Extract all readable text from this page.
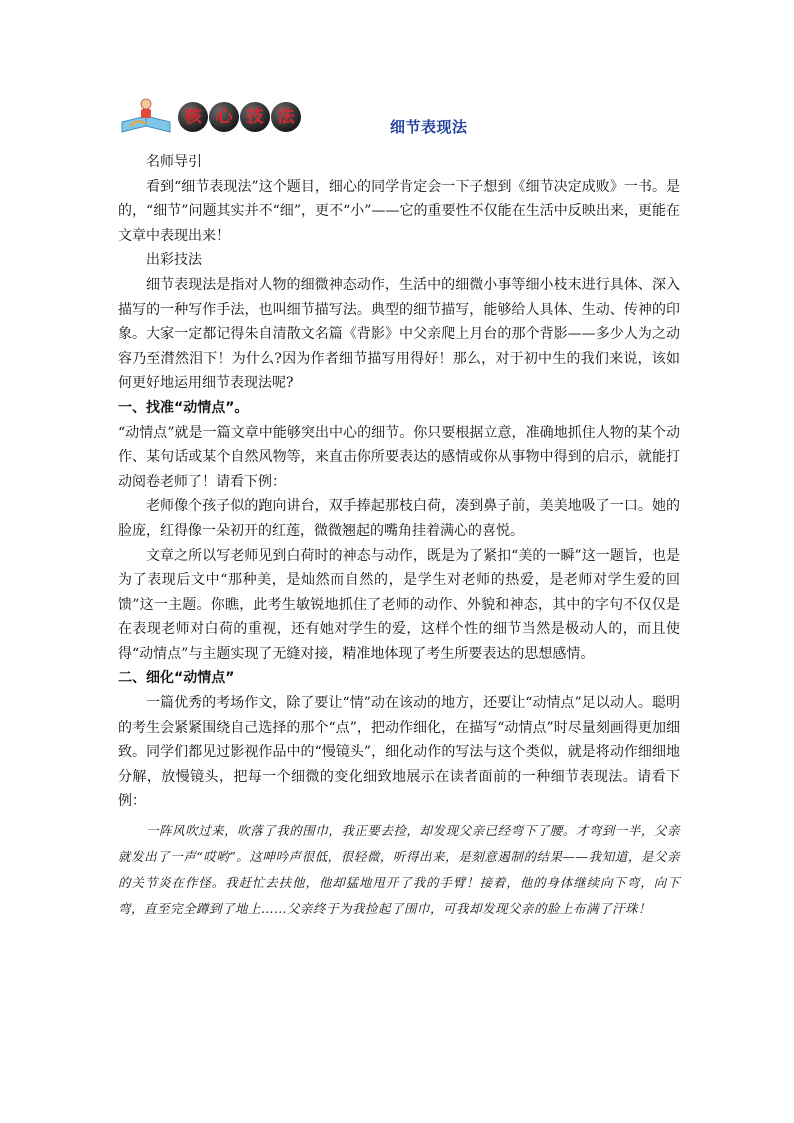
核 心 技 法	细节表现法

名师导引

看到“细节表现法”这个题目，细心的同学肯定会一下子想到《细节决定成败》一书。是的，“细节”问题其实并不“细”，更不“小”——它的重要性不仅能在生活中反映出来，更能在文章中表现出来！

出彩技法

细节表现法是指对人物的细微神态动作，生活中的细微小事等细小枝末进行具体、深入描写的一种写作手法，也叫细节描写法。典型的细节描写，能够给人具体、生动、传神的印象。大家一定都记得朱自清散文名篇《背影》中父亲爬上月台的那个背影——多少人为之动容乃至潸然泪下！为什么?因为作者细节描写用得好！那么，对于初中生的我们来说，该如何更好地运用细节表现法呢?

一、找准“动情点”。

“动情点”就是一篇文章中能够突出中心的细节。你只要根据立意，准确地抓住人物的某个动作、某句话或某个自然风物等，来直击你所要表达的感情或你从事物中得到的启示，就能打动阅卷老师了！请看下例：

老师像个孩子似的跑向讲台，双手捧起那枝白荷，凑到鼻子前，美美地吸了一口。她的脸庞，红得像一朵初开的红莲，微微翘起的嘴角挂着满心的喜悦。

文章之所以写老师见到白荷时的神态与动作，既是为了紧扣“美的一瞬”这一题旨，也是为了表现后文中“那种美，是灿然而自然的，是学生对老师的热爱，是老师对学生爱的回馈”这一主题。你瞧，此考生敏锐地抓住了老师的动作、外貌和神态，其中的字句不仅仅是在表现老师对白荷的重视，还有她对学生的爱，这样个性的细节当然是极动人的，而且使得“动情点”与主题实现了无缝对接，精准地体现了考生所要表达的思想感情。

二、细化“动情点”

一篇优秀的考场作文，除了要让“情”动在该动的地方，还要让“动情点”足以动人。聪明的考生会紧紧围绕自己选择的那个“点”，把动作细化，在描写“动情点”时尽量刻画得更加细致。同学们都见过影视作品中的“慢镜头”，细化动作的写法与这个类似，就是将动作细细地分解，放慢镜头，把每一个细微的变化细致地展示在读者面前的一种细节表现法。请看下例：

一阵风吹过来，吹落了我的围巾，我正要去捡，却发现父亲已经弯下了腰。才弯到一半，父亲就发出了一声“哎哟”。这呻吟声很低，很轻微，听得出来，是刻意遏制的结果——我知道，是父亲的关节炎在作怪。我赶忙去扶他，他却猛地甩开了我的手臂！接着，他的身体继续向下弯，向下弯，直至完全蹲到了地上……父亲终于为我捡起了围巾，可我却发现父亲的脸上布满了汗珠！
